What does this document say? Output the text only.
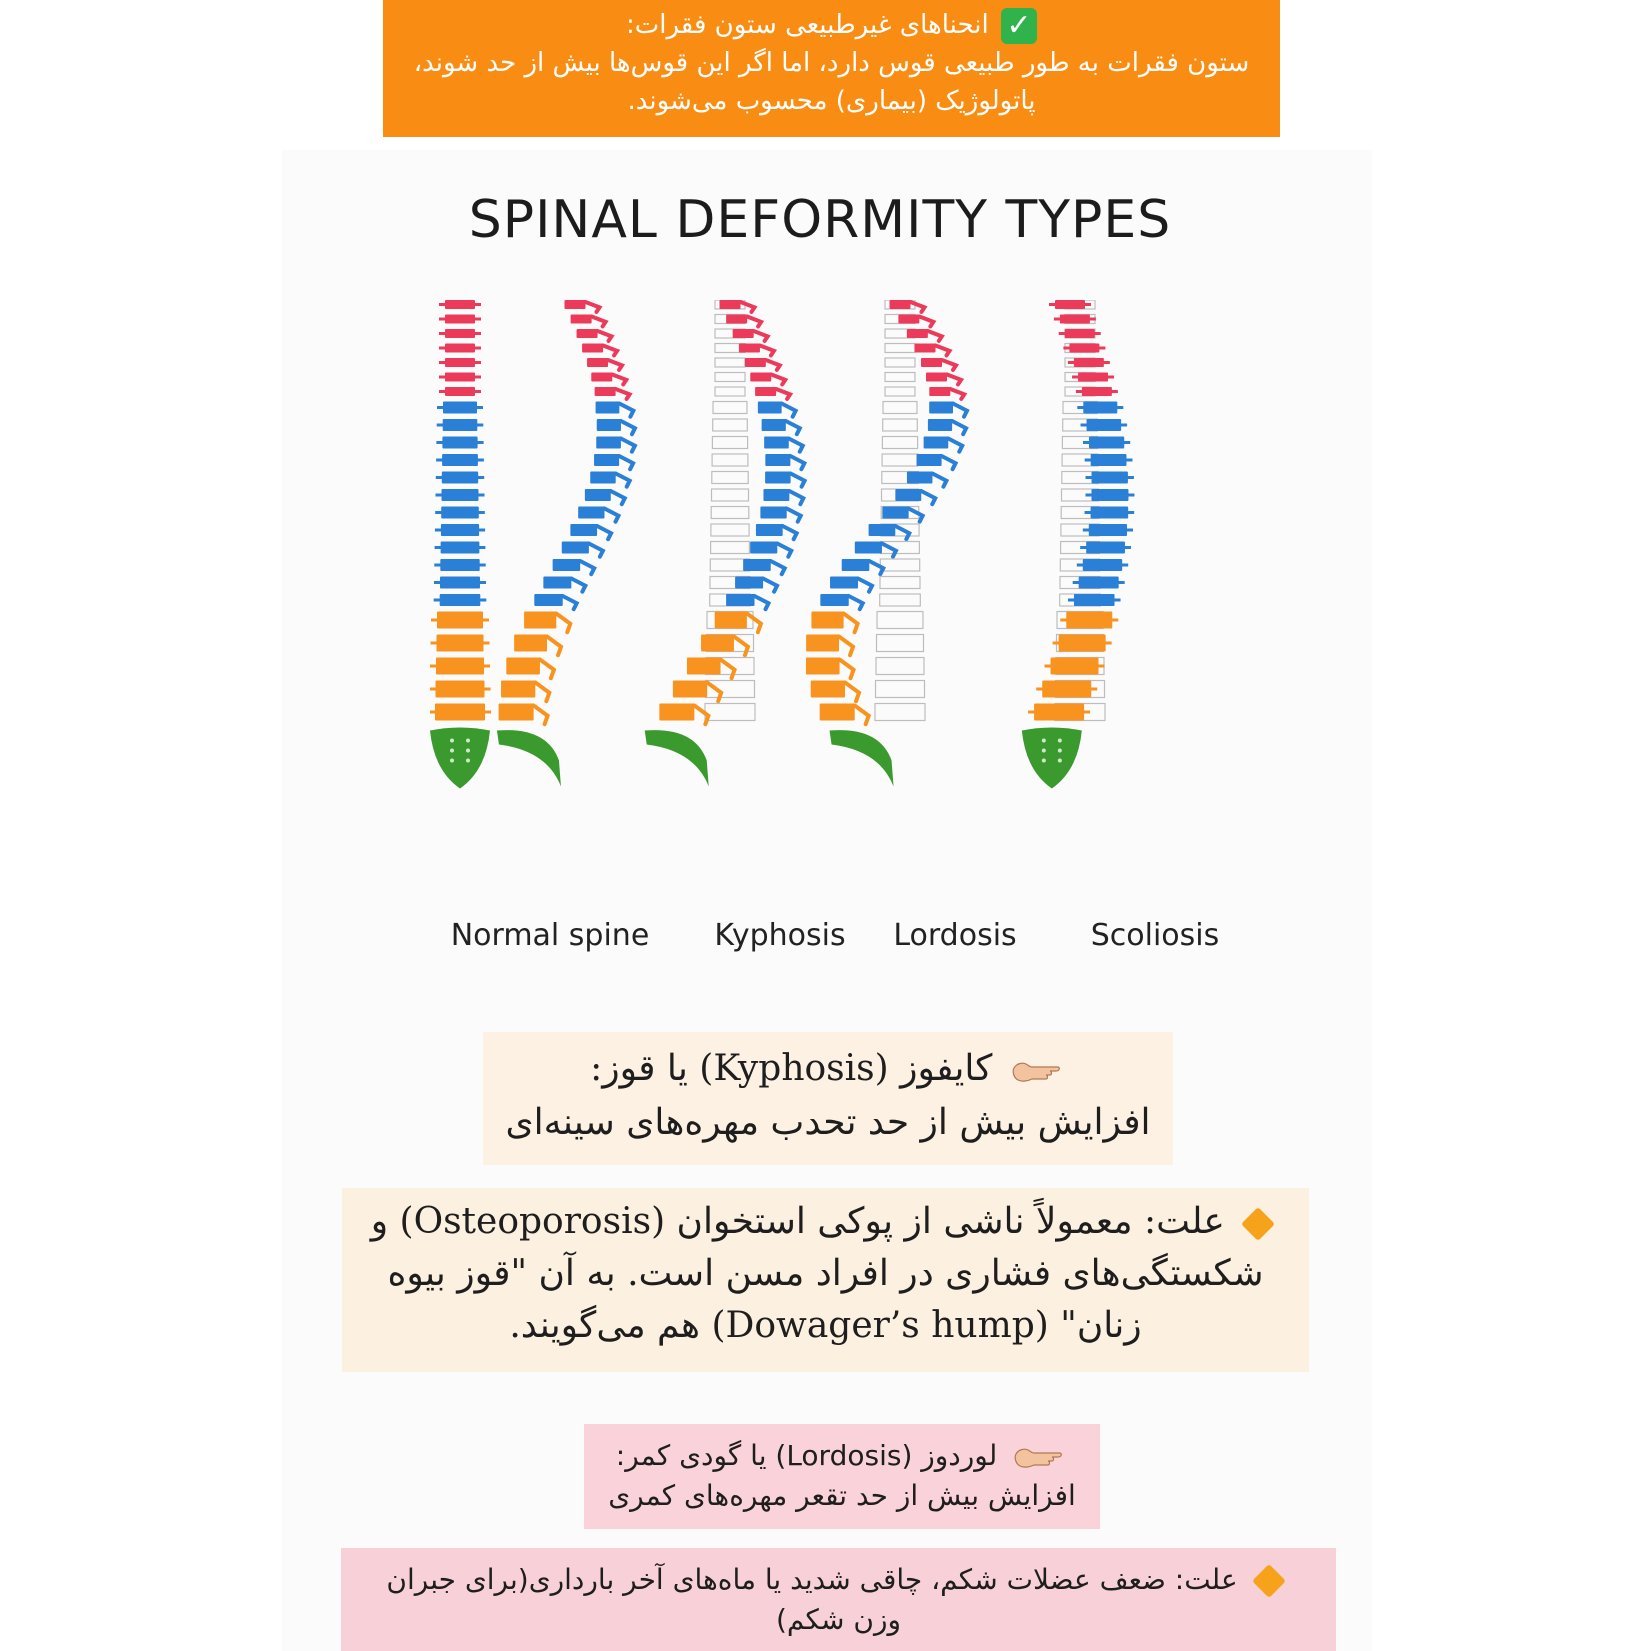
✓ انحناهای غیرطبیعی ستون فقرات:
ستون فقرات به طور طبیعی قوس دارد، اما اگر این قوس‌ها بیش از حد شوند،
پاتولوژیک (بیماری) محسوب می‌شوند.
SPINAL DEFORMITY TYPES
Normal spine	Kyphosis	Lordosis	Scoliosis
کایفوز (Kyphosis) یا قوز:
افزایش بیش از حد تحدب مهره‌های سینه‌ای
علت: معمولاً ناشی از پوکی استخوان (Osteoporosis) و
شکستگی‌های فشاری در افراد مسن است. به آن "قوز بیوه
زنان" (Dowager’s hump) هم می‌گویند.
لوردوز (Lordosis) یا گودی کمر:
افزایش بیش از حد تقعر مهره‌های کمری
علت: ضعف عضلات شکم، چاقی شدید یا ماه‌های آخر بارداری(برای جبران
وزن شکم)
